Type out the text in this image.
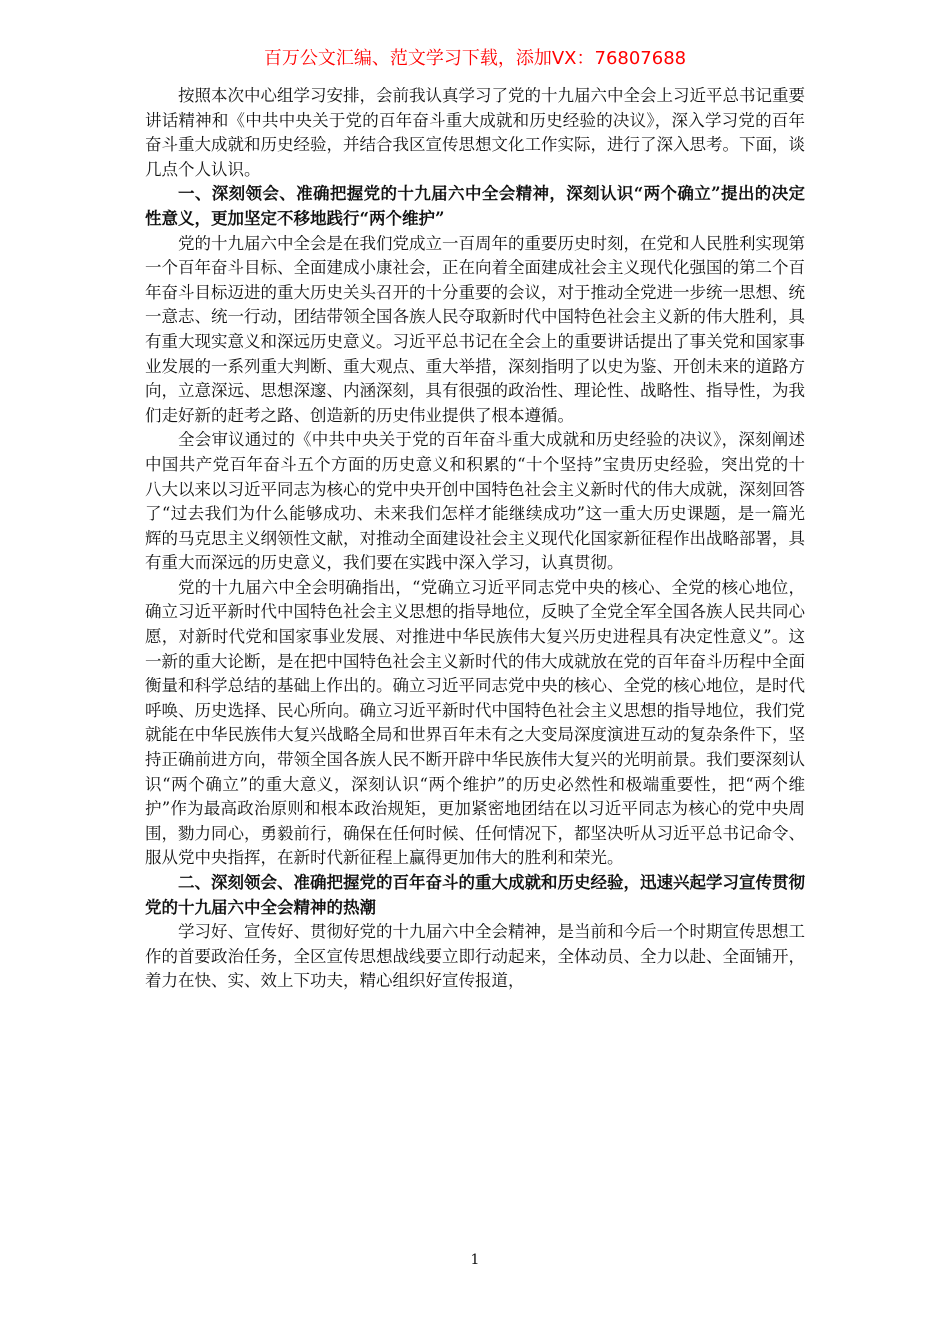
百万公文汇编、范文学习下载，添加VX：76807688

按照本次中心组学习安排，会前我认真学习了党的十九届六中全会上习近平总书记重要讲话精神和《中共中央关于党的百年奋斗重大成就和历史经验的决议》，深入学习党的百年奋斗重大成就和历史经验，并结合我区宣传思想文化工作实际，进行了深入思考。下面，谈几点个人认识。

一、深刻领会、准确把握党的十九届六中全会精神，深刻认识“两个确立”提出的决定性意义，更加坚定不移地践行“两个维护”

党的十九届六中全会是在我们党成立一百周年的重要历史时刻，在党和人民胜利实现第一个百年奋斗目标、全面建成小康社会，正在向着全面建成社会主义现代化强国的第二个百年奋斗目标迈进的重大历史关头召开的十分重要的会议，对于推动全党进一步统一思想、统一意志、统一行动，团结带领全国各族人民夺取新时代中国特色社会主义新的伟大胜利，具有重大现实意义和深远历史意义。习近平总书记在全会上的重要讲话提出了事关党和国家事业发展的一系列重大判断、重大观点、重大举措，深刻指明了以史为鉴、开创未来的道路方向，立意深远、思想深邃、内涵深刻，具有很强的政治性、理论性、战略性、指导性，为我们走好新的赶考之路、创造新的历史伟业提供了根本遵循。

全会审议通过的《中共中央关于党的百年奋斗重大成就和历史经验的决议》，深刻阐述中国共产党百年奋斗五个方面的历史意义和积累的“十个坚持”宝贵历史经验，突出党的十八大以来以习近平同志为核心的党中央开创中国特色社会主义新时代的伟大成就，深刻回答了“过去我们为什么能够成功、未来我们怎样才能继续成功”这一重大历史课题，是一篇光辉的马克思主义纲领性文献，对推动全面建设社会主义现代化国家新征程作出战略部署，具有重大而深远的历史意义，我们要在实践中深入学习，认真贯彻。

党的十九届六中全会明确指出，“党确立习近平同志党中央的核心、全党的核心地位，确立习近平新时代中国特色社会主义思想的指导地位，反映了全党全军全国各族人民共同心愿，对新时代党和国家事业发展、对推进中华民族伟大复兴历史进程具有决定性意义”。这一新的重大论断，是在把中国特色社会主义新时代的伟大成就放在党的百年奋斗历程中全面衡量和科学总结的基础上作出的。确立习近平同志党中央的核心、全党的核心地位，是时代呼唤、历史选择、民心所向。确立习近平新时代中国特色社会主义思想的指导地位，我们党就能在中华民族伟大复兴战略全局和世界百年未有之大变局深度演进互动的复杂条件下，坚持正确前进方向，带领全国各族人民不断开辟中华民族伟大复兴的光明前景。我们要深刻认识“两个确立”的重大意义，深刻认识“两个维护”的历史必然性和极端重要性，把“两个维护”作为最高政治原则和根本政治规矩，更加紧密地团结在以习近平同志为核心的党中央周围，勠力同心，勇毅前行，确保在任何时候、任何情况下，都坚决听从习近平总书记命令、服从党中央指挥，在新时代新征程上赢得更加伟大的胜利和荣光。

二、深刻领会、准确把握党的百年奋斗的重大成就和历史经验，迅速兴起学习宣传贯彻党的十九届六中全会精神的热潮

学习好、宣传好、贯彻好党的十九届六中全会精神，是当前和今后一个时期宣传思想工作的首要政治任务，全区宣传思想战线要立即行动起来，全体动员、全力以赴、全面铺开，着力在快、实、效上下功夫，精心组织好宣传报道，

1
